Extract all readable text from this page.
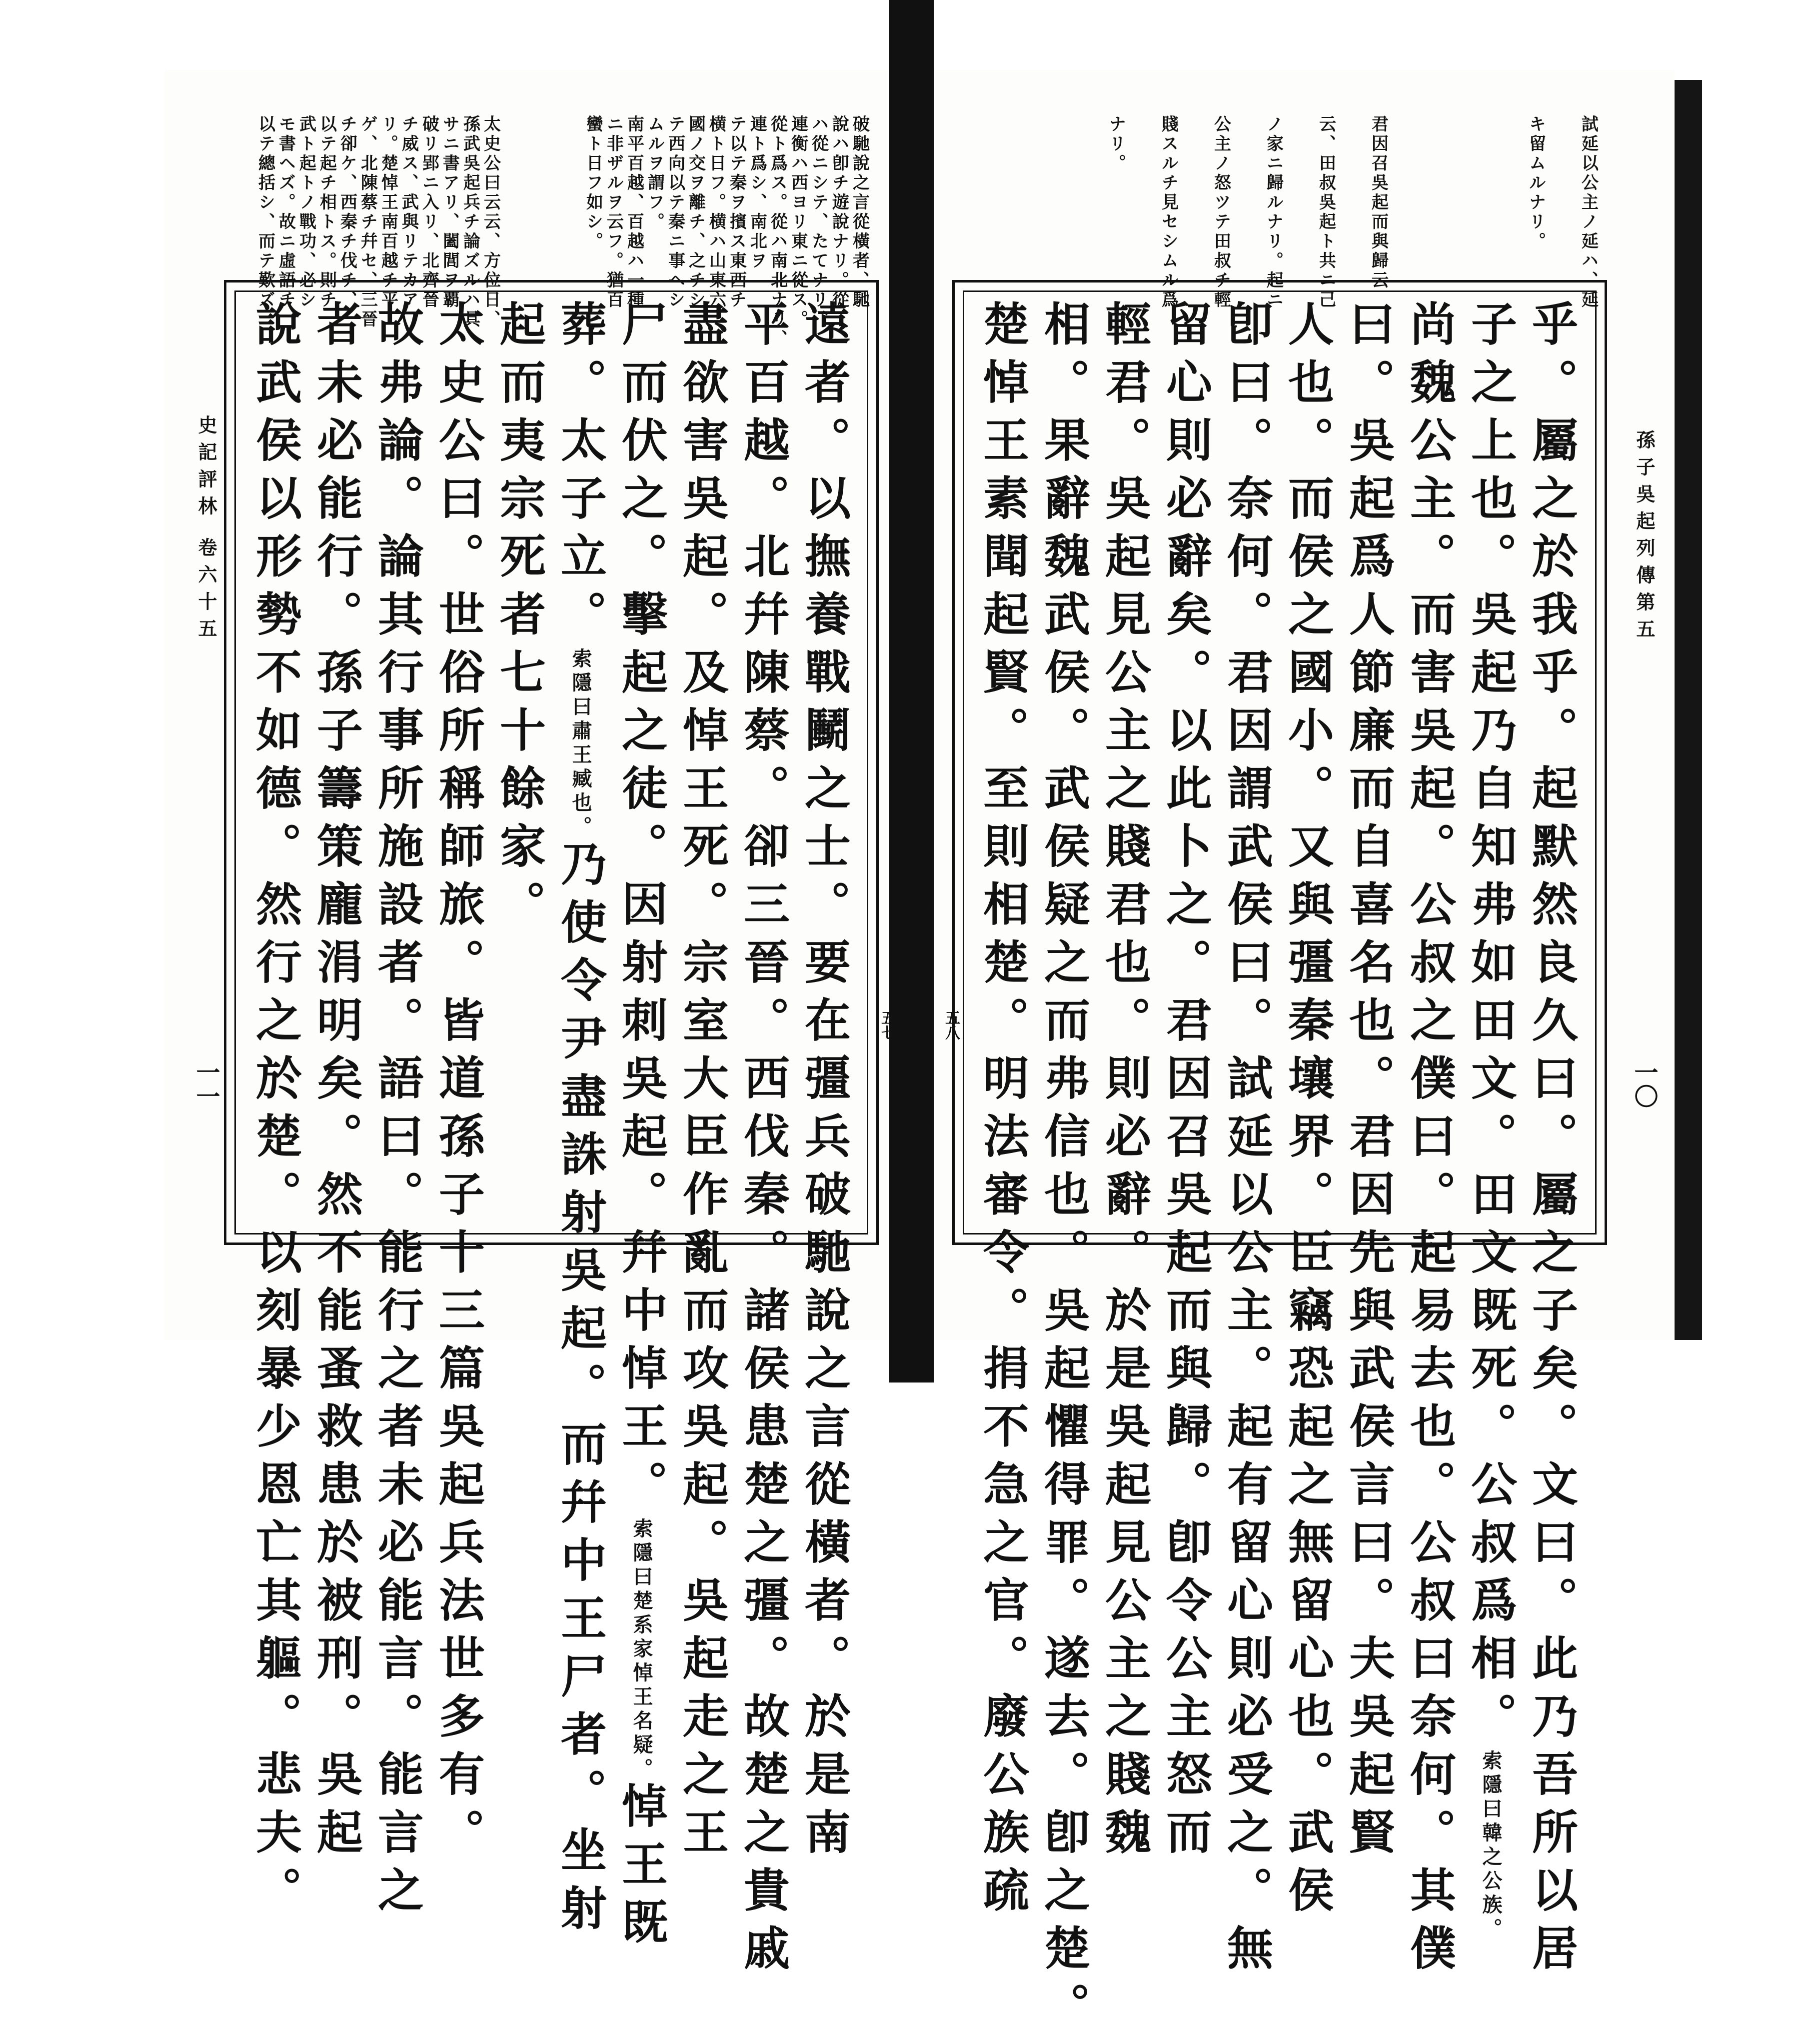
破馳說之言從橫者、馳
說ハ卽チ遊說ナリ。從
ハ從ニシテ、たてナリ、
連衡ハ西ヨリ東ニ從ス。
從ト爲ス。從ハ南北ナリ、
連ト爲シ、南北ヲ
テ以テ秦ヲ擯ス東西チ
横ト日フ。横ハ山東六
國ノ交ヲ離チ、之チシ
テ西向以テ秦ニ事ヘシ
ムルヲ謂フ。
南平百越、百越ハ一種
ニ非ザルヲ云フ。猶百
蠻ト日フ如シ。
太史公曰云云、方位日、
孫武吳起兵チ論ズルハ具
サニ書アリ、闔閭ヲ覇
破リ郢ニ入リ、北齊晉
チ威ス、武與リテカア
リ。楚悼王南百越チ平
ゲ、北陳蔡チ幷セ、三晉
チ卻ケ、西秦チ伐チ、
以テ起チ相トス。則チ
武ト起トノ戰功、必シ
モ書ヘズ。故ニ虛語チ
以テ總括シ、而テ歎ズ
遠者。以撫養戰鬭之士。要在彊兵破馳說之言從橫者。於是南
平百越。北幷陳蔡。卻三晉。西伐秦。諸侯患楚之彊。故楚之貴戚
盡欲害吳起。及悼王死。宗室大臣作亂而攻吳起。吳起走之王
尸而伏之。擊起之徒。因射刺吳起。幷中悼王。索隱曰楚系家悼王名疑。悼王既
葬。太子立。索隱曰肅王臧也。乃使令尹盡誅射吳起。而幷中王尸者。坐射
起而夷宗死者七十餘家。
太史公曰。世俗所稱師旅。皆道孫子十三篇吳起兵法世多有。
故弗論。論其行事所施設者。語曰。能行之者未必能言。能言之
者未必能行。孫子籌策龐涓明矣。然不能蚤救患於被刑。吳起
說武侯以形勢不如德。然行之於楚。以刻暴少恩亡其軀。悲夫。
史記評林 卷六十五
一一
五七
試延以公主ノ延ハ、延
キ留ムルナリ。
君因召吳起而與歸云
云、田叔吳起ト共ニ己
ノ家ニ歸ルナリ。起ニ
公主ノ怒ツテ田叔チ輕
賤スルチ見セシムル爲
ナリ。
乎。屬之於我乎。起默然良久曰。屬之子矣。文曰。此乃吾所以居
子之上也。吳起乃自知弗如田文。田文既死。公叔爲相。索隱曰韓之公族。
尚魏公主。而害吳起。公叔之僕曰。起易去也。公叔曰奈何。其僕
曰。吳起爲人節廉而自喜名也。君因先與武侯言曰。夫吳起賢
人也。而侯之國小。又與彊秦壤界。臣竊恐起之無留心也。武侯
卽曰。奈何。君因謂武侯曰。試延以公主。起有留心則必受之。無
留心則必辭矣。以此卜之。君因召吳起而與歸。卽令公主怒而
輕君。吳起見公主之賤君也。則必辭。於是吳起見公主之賤魏
相。果辭魏武侯。武侯疑之而弗信也。吳起懼得罪。遂去。卽之楚。
楚悼王素聞起賢。至則相楚。明法審令。捐不急之官。廢公族疏	孫子吳起列傳第五
一〇
五八
